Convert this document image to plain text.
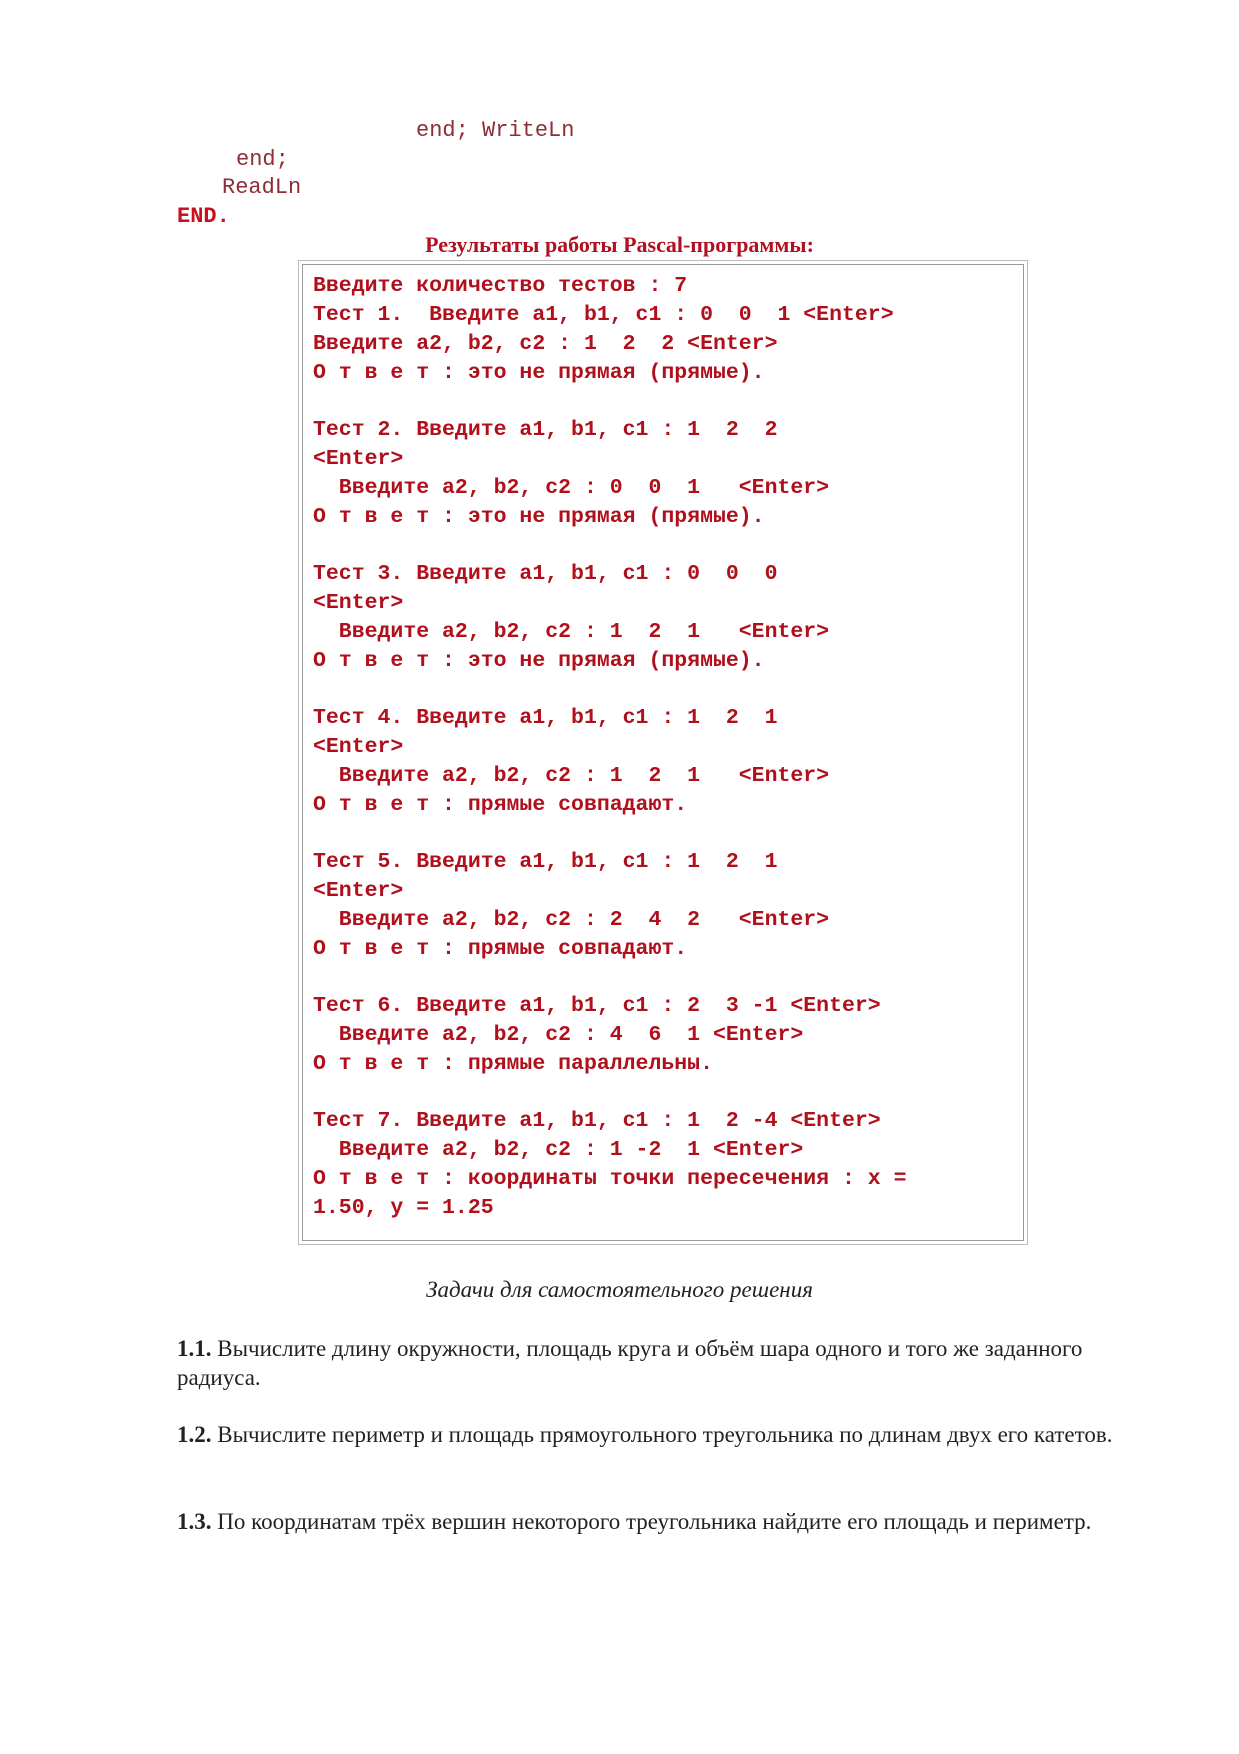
end; WriteLn
end;
ReadLn
END.
Результаты работы Pascal-программы:
Введите количество тестов : 7
Тест 1.  Введите a1, b1, c1 : 0  0  1 <Enter>
Введите a2, b2, c2 : 1  2  2 <Enter>
О т в е т : это не прямая (прямые).
Тест 2. Введите a1, b1, c1 : 1  2  2
<Enter>
Введите a2, b2, c2 : 0  0  1   <Enter>
О т в е т : это не прямая (прямые).
Тест 3. Введите a1, b1, c1 : 0  0  0
<Enter>
Введите a2, b2, c2 : 1  2  1   <Enter>
О т в е т : это не прямая (прямые).
Тест 4. Введите a1, b1, c1 : 1  2  1
<Enter>
Введите a2, b2, c2 : 1  2  1   <Enter>
О т в е т : прямые совпадают.
Тест 5. Введите a1, b1, c1 : 1  2  1
<Enter>
Введите a2, b2, c2 : 2  4  2   <Enter>
О т в е т : прямые совпадают.
Тест 6. Введите a1, b1, c1 : 2  3 -1 <Enter>
Введите a2, b2, c2 : 4  6  1 <Enter>
О т в е т : прямые параллельны.
Тест 7. Введите a1, b1, c1 : 1  2 -4 <Enter>
Введите a2, b2, c2 : 1 -2  1 <Enter>
О т в е т : координаты точки пересечения : x =
1.50, y = 1.25
Задачи для самостоятельного решения
1.1. Вычислите длину окружности, площадь круга и объём шара одного и того же заданного радиуса.
1.2. Вычислите периметр и площадь прямоугольного треугольника по длинам двух его катетов.
1.3. По координатам трёх вершин некоторого треугольника найдите его площадь и периметр.
